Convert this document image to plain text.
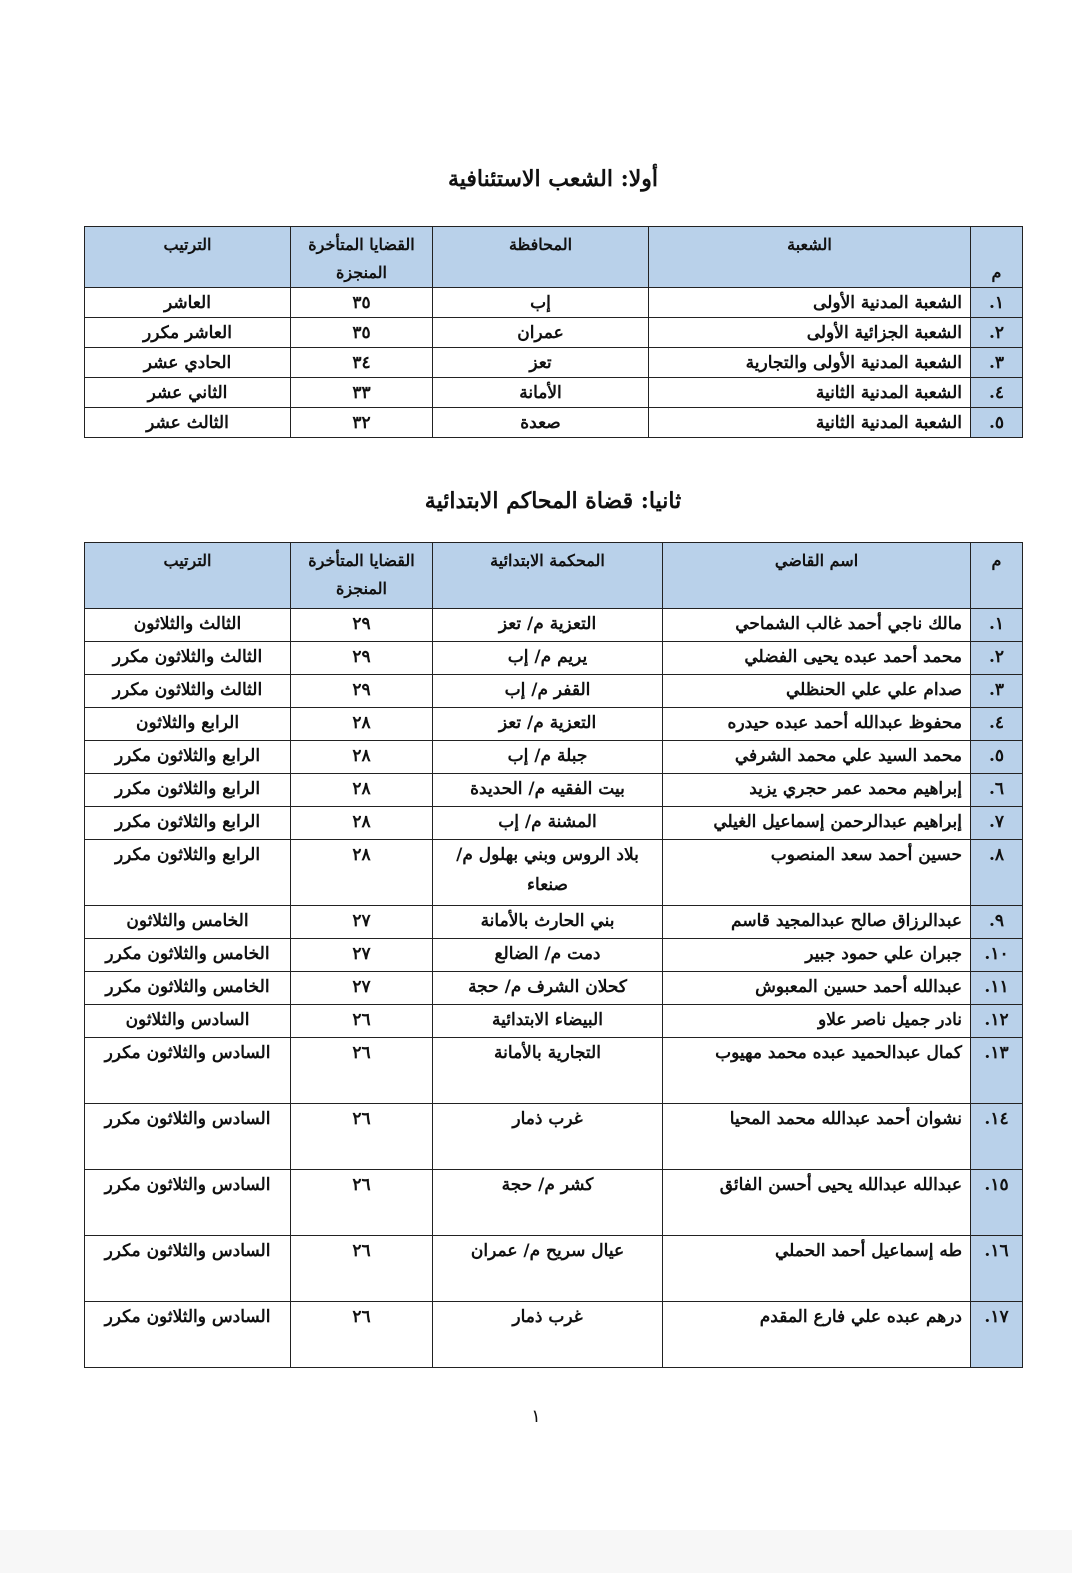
أولا: الشعب الاستئنافية
م	الشعبة	المحافظة	القضايا المتأخرة المنجزة	الترتيب
١.	الشعبة المدنية الأولى	إب	٣٥	العاشر
٢.	الشعبة الجزائية الأولى	عمران	٣٥	العاشر مكرر
٣.	الشعبة المدنية الأولى والتجارية	تعز	٣٤	الحادي عشر
٤.	الشعبة المدنية الثانية	الأمانة	٣٣	الثاني عشر
٥.	الشعبة المدنية الثانية	صعدة	٣٢	الثالث عشر
ثانيا: قضاة المحاكم الابتدائية
م	اسم القاضي	المحكمة الابتدائية	القضايا المتأخرة المنجزة	الترتيب
١.	مالك ناجي أحمد غالب الشماحي	التعزية م/ تعز	٢٩	الثالث والثلاثون
٢.	محمد أحمد عبده يحيى الفضلي	يريم م/ إب	٢٩	الثالث والثلاثون مكرر
٣.	صدام علي علي الحنظلي	القفر م/ إب	٢٩	الثالث والثلاثون مكرر
٤.	محفوظ عبدالله أحمد عبده حيدره	التعزية م/ تعز	٢٨	الرابع والثلاثون
٥.	محمد السيد علي محمد الشرفي	جبلة م/ إب	٢٨	الرابع والثلاثون مكرر
٦.	إبراهيم محمد عمر حجري يزيد	بيت الفقيه م/ الحديدة	٢٨	الرابع والثلاثون مكرر
٧.	إبراهيم عبدالرحمن إسماعيل الغيلي	المشنة م/ إب	٢٨	الرابع والثلاثون مكرر
٨.	حسين أحمد سعد المنصوب	بلاد الروس وبني بهلول م/ صنعاء	٢٨	الرابع والثلاثون مكرر
٩.	عبدالرزاق صالح عبدالمجيد قاسم	بني الحارث بالأمانة	٢٧	الخامس والثلاثون
١٠.	جبران علي حمود جبير	دمت م/ الضالع	٢٧	الخامس والثلاثون مكرر
١١.	عبدالله أحمد حسين المعبوش	كحلان الشرف م/ حجة	٢٧	الخامس والثلاثون مكرر
١٢.	نادر جميل ناصر علاو	البيضاء الابتدائية	٢٦	السادس والثلاثون
١٣.	كمال عبدالحميد عبده محمد مهيوب	التجارية بالأمانة	٢٦	السادس والثلاثون مكرر
١٤.	نشوان أحمد عبدالله محمد المحيا	غرب ذمار	٢٦	السادس والثلاثون مكرر
١٥.	عبدالله عبدالله يحيى أحسن الفائق	كشر م/ حجة	٢٦	السادس والثلاثون مكرر
١٦.	طه إسماعيل أحمد الحملي	عيال سريح م/ عمران	٢٦	السادس والثلاثون مكرر
١٧.	درهم عبده علي فارع المقدم	غرب ذمار	٢٦	السادس والثلاثون مكرر
١
